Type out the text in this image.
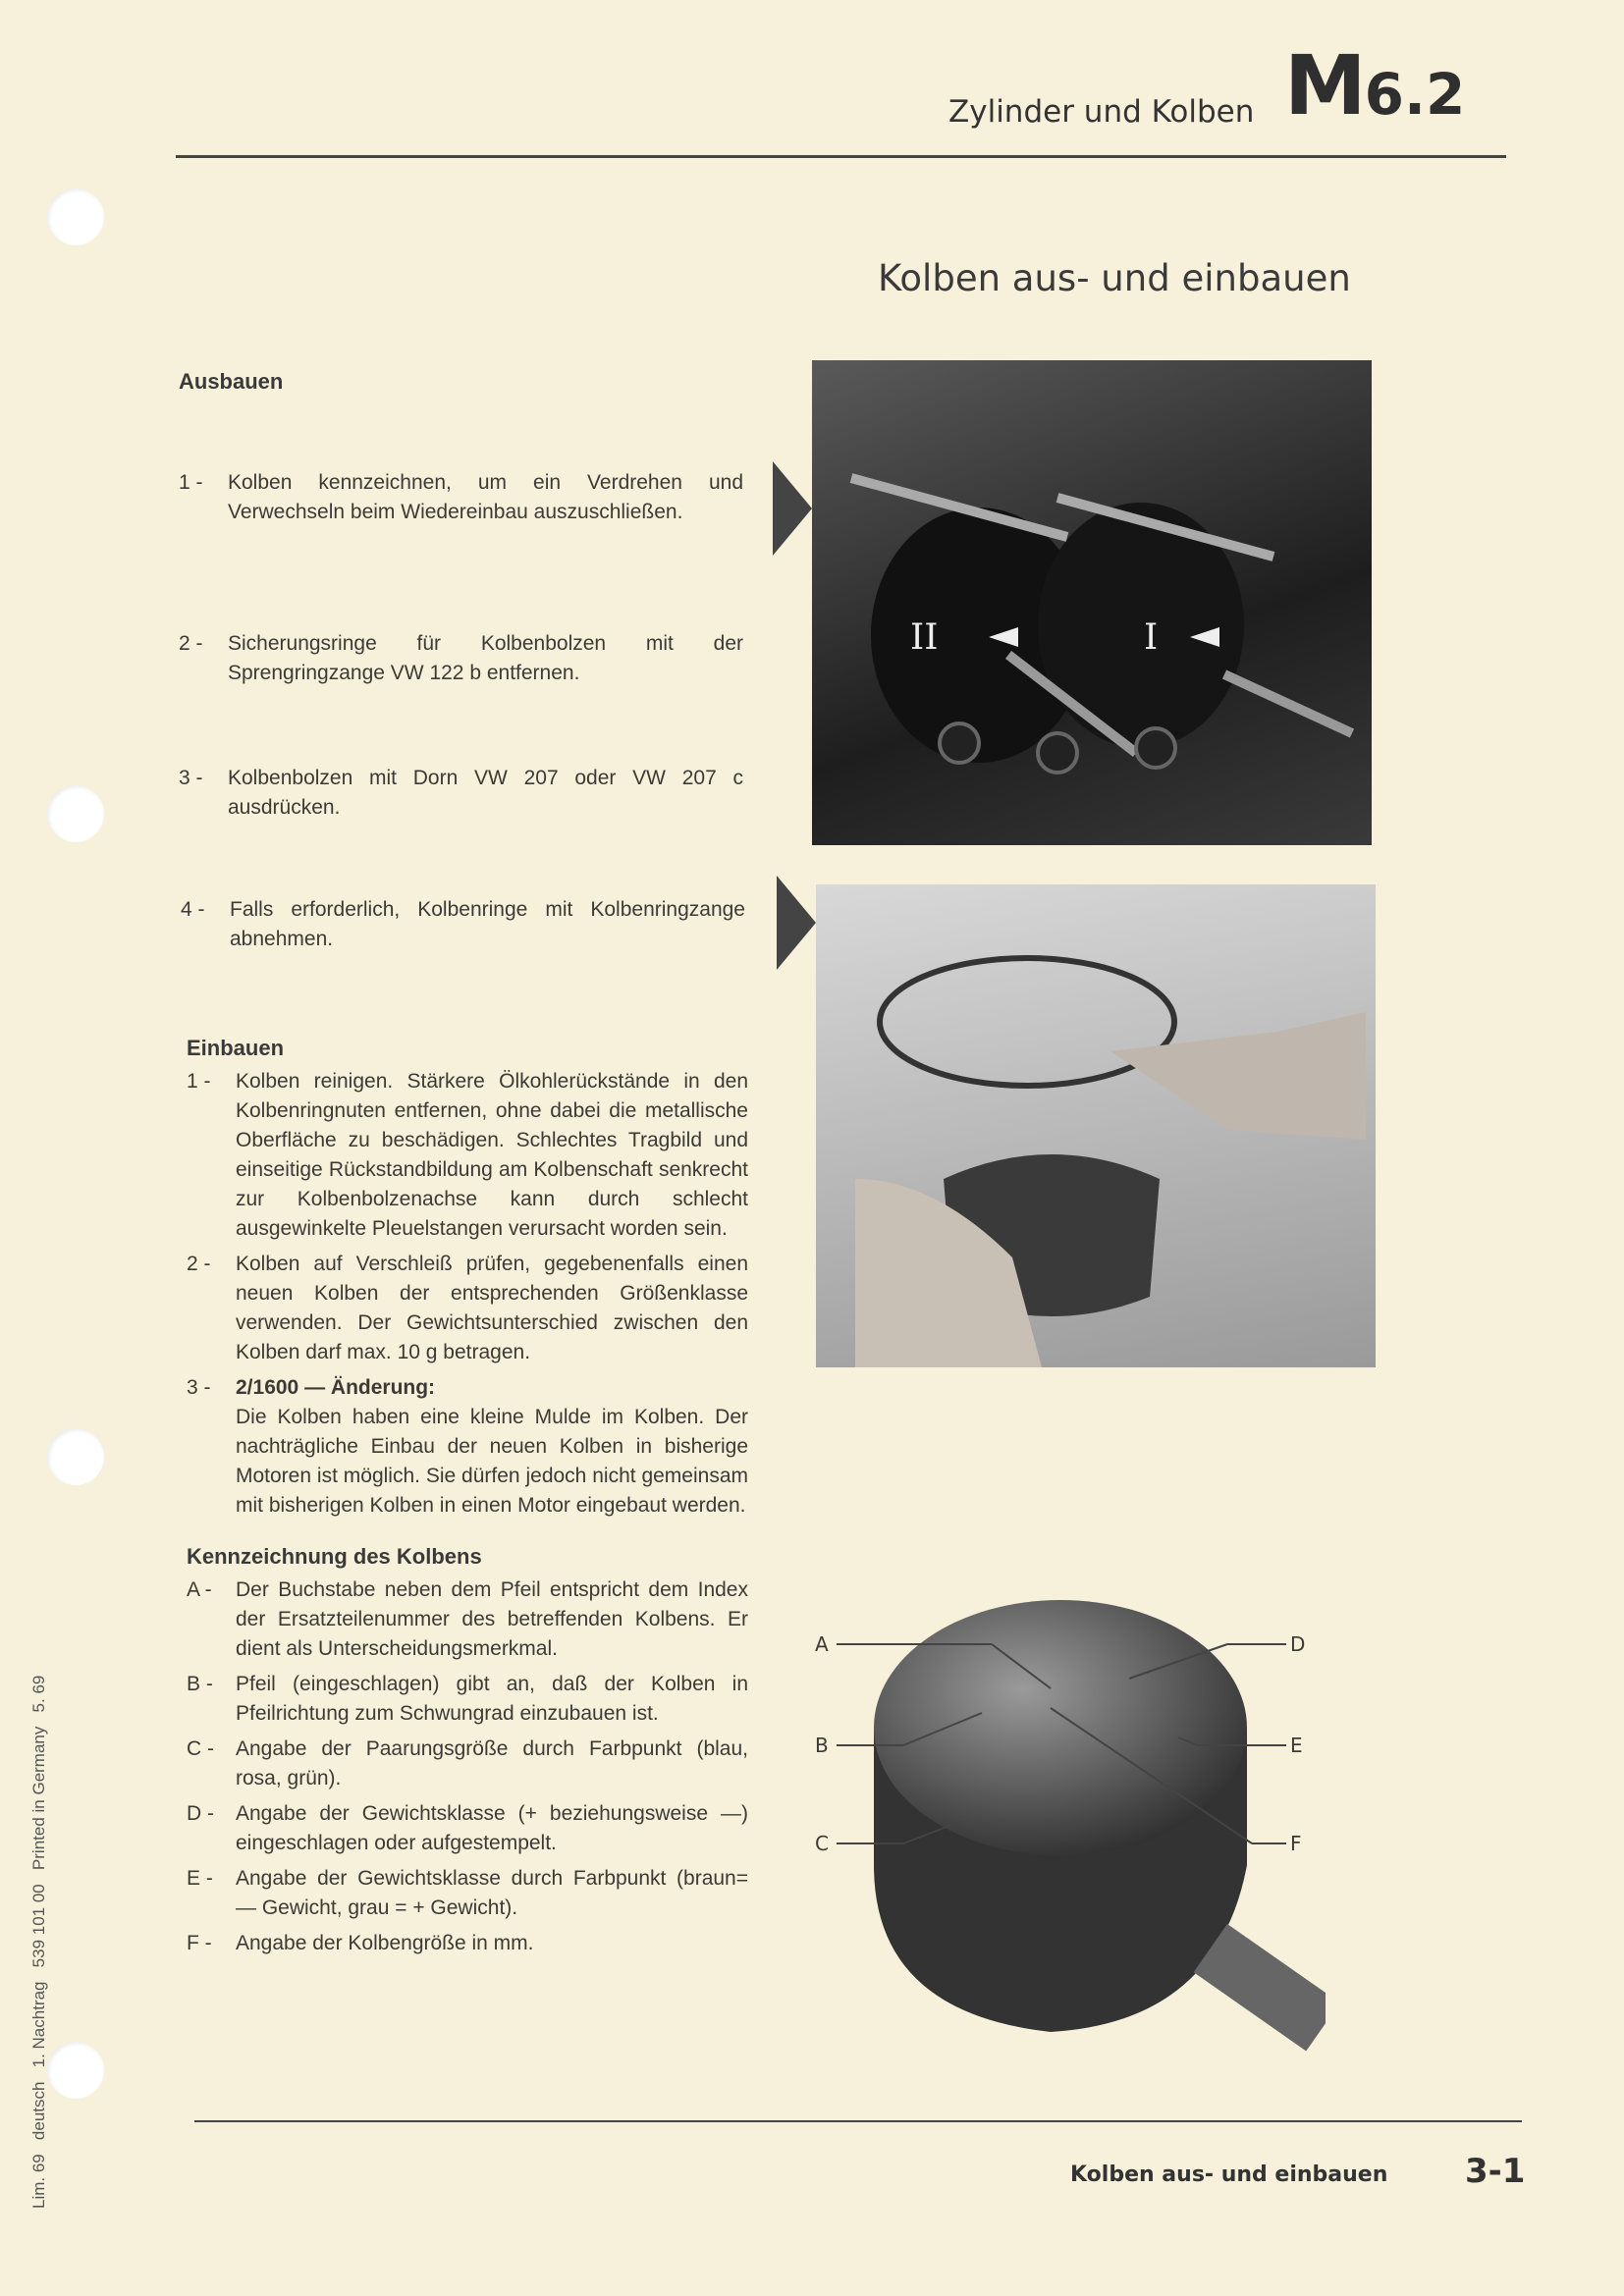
Zylinder und Kolben M6.2
Kolben aus- und einbauen
Ausbauen
1 - Kolben kennzeichnen, um ein Verdrehen und Verwechseln beim Wiedereinbau auszuschließen.
2 - Sicherungsringe für Kolbenbolzen mit der Sprengringzange VW 122 b entfernen.
3 - Kolbenbolzen mit Dorn VW 207 oder VW 207 c ausdrücken.
4 - Falls erforderlich, Kolbenringe mit Kolbenringzange abnehmen.
II	I
Einbauen
1 - Kolben reinigen. Stärkere Ölkohlerückstände in den Kolbenringnuten entfernen, ohne dabei die metallische Oberfläche zu beschädigen. Schlechtes Tragbild und einseitige Rückstandbildung am Kolbenschaft senkrecht zur Kolbenbolzenachse kann durch schlecht ausgewinkelte Pleuelstangen verursacht worden sein.
2 - Kolben auf Verschleiß prüfen, gegebenenfalls einen neuen Kolben der entsprechenden Größenklasse verwenden. Der Gewichtsunterschied zwischen den Kolben darf max. 10 g betragen.
3 - 2/1600 — Änderung:
Die Kolben haben eine kleine Mulde im Kolben. Der nachträgliche Einbau der neuen Kolben in bisherige Motoren ist möglich. Sie dürfen jedoch nicht gemeinsam mit bisherigen Kolben in einen Motor eingebaut werden.
Kennzeichnung des Kolbens
A - Der Buchstabe neben dem Pfeil entspricht dem Index der Ersatzteilenummer des betreffenden Kolbens. Er dient als Unterscheidungsmerkmal.
B - Pfeil (eingeschlagen) gibt an, daß der Kolben in Pfeilrichtung zum Schwungrad einzubauen ist.
C - Angabe der Paarungsgröße durch Farbpunkt (blau, rosa, grün).
D - Angabe der Gewichtsklasse (+ beziehungsweise —) eingeschlagen oder aufgestempelt.
E - Angabe der Gewichtsklasse durch Farbpunkt (braun= — Gewicht, grau = + Gewicht).
F - Angabe der Kolbengröße in mm.
A
B
C
D
E
F
Kolben aus- und einbauen 3-1
Lim. 69   deutsch   1. Nachtrag   539 101 00   Printed in Germany   5. 69
